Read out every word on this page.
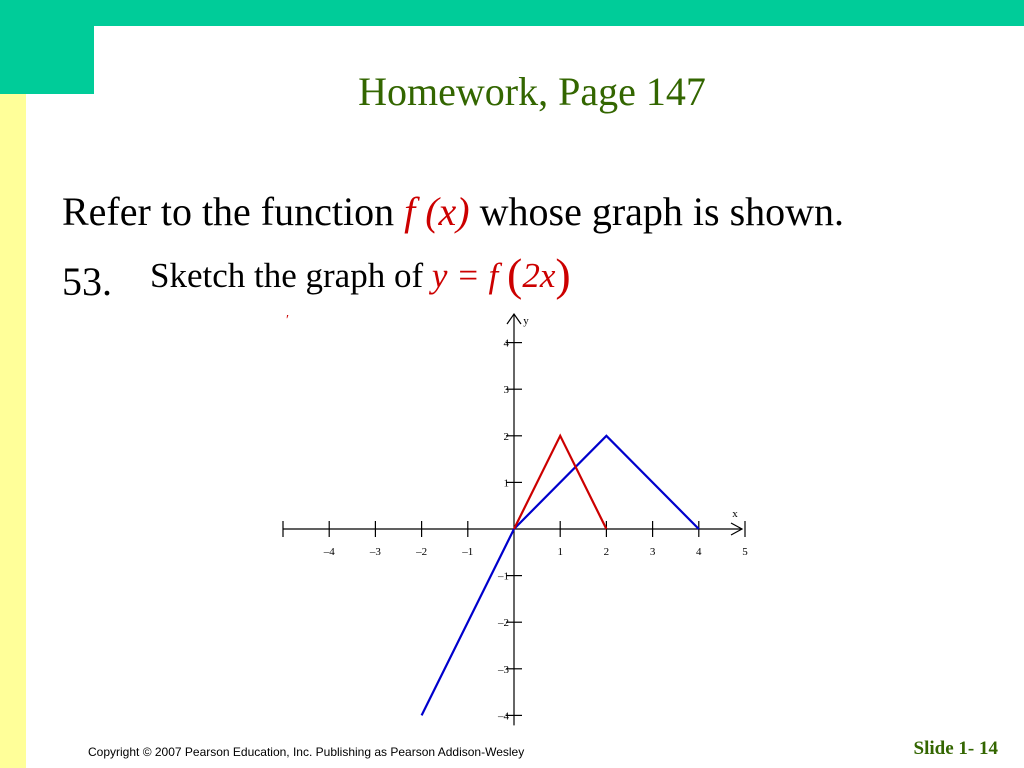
Homework, Page 147
Refer to the function f (x) whose graph is shown.
53. Sketch the graph of y = f (2x)
′
x
y
–4	–3	–2	–1	1	2	3	4	5
4
3
2
1
–1
–2
–3
–4
Copyright © 2007 Pearson Education, Inc. Publishing as Pearson Addison-Wesley	Slide 1- 14
